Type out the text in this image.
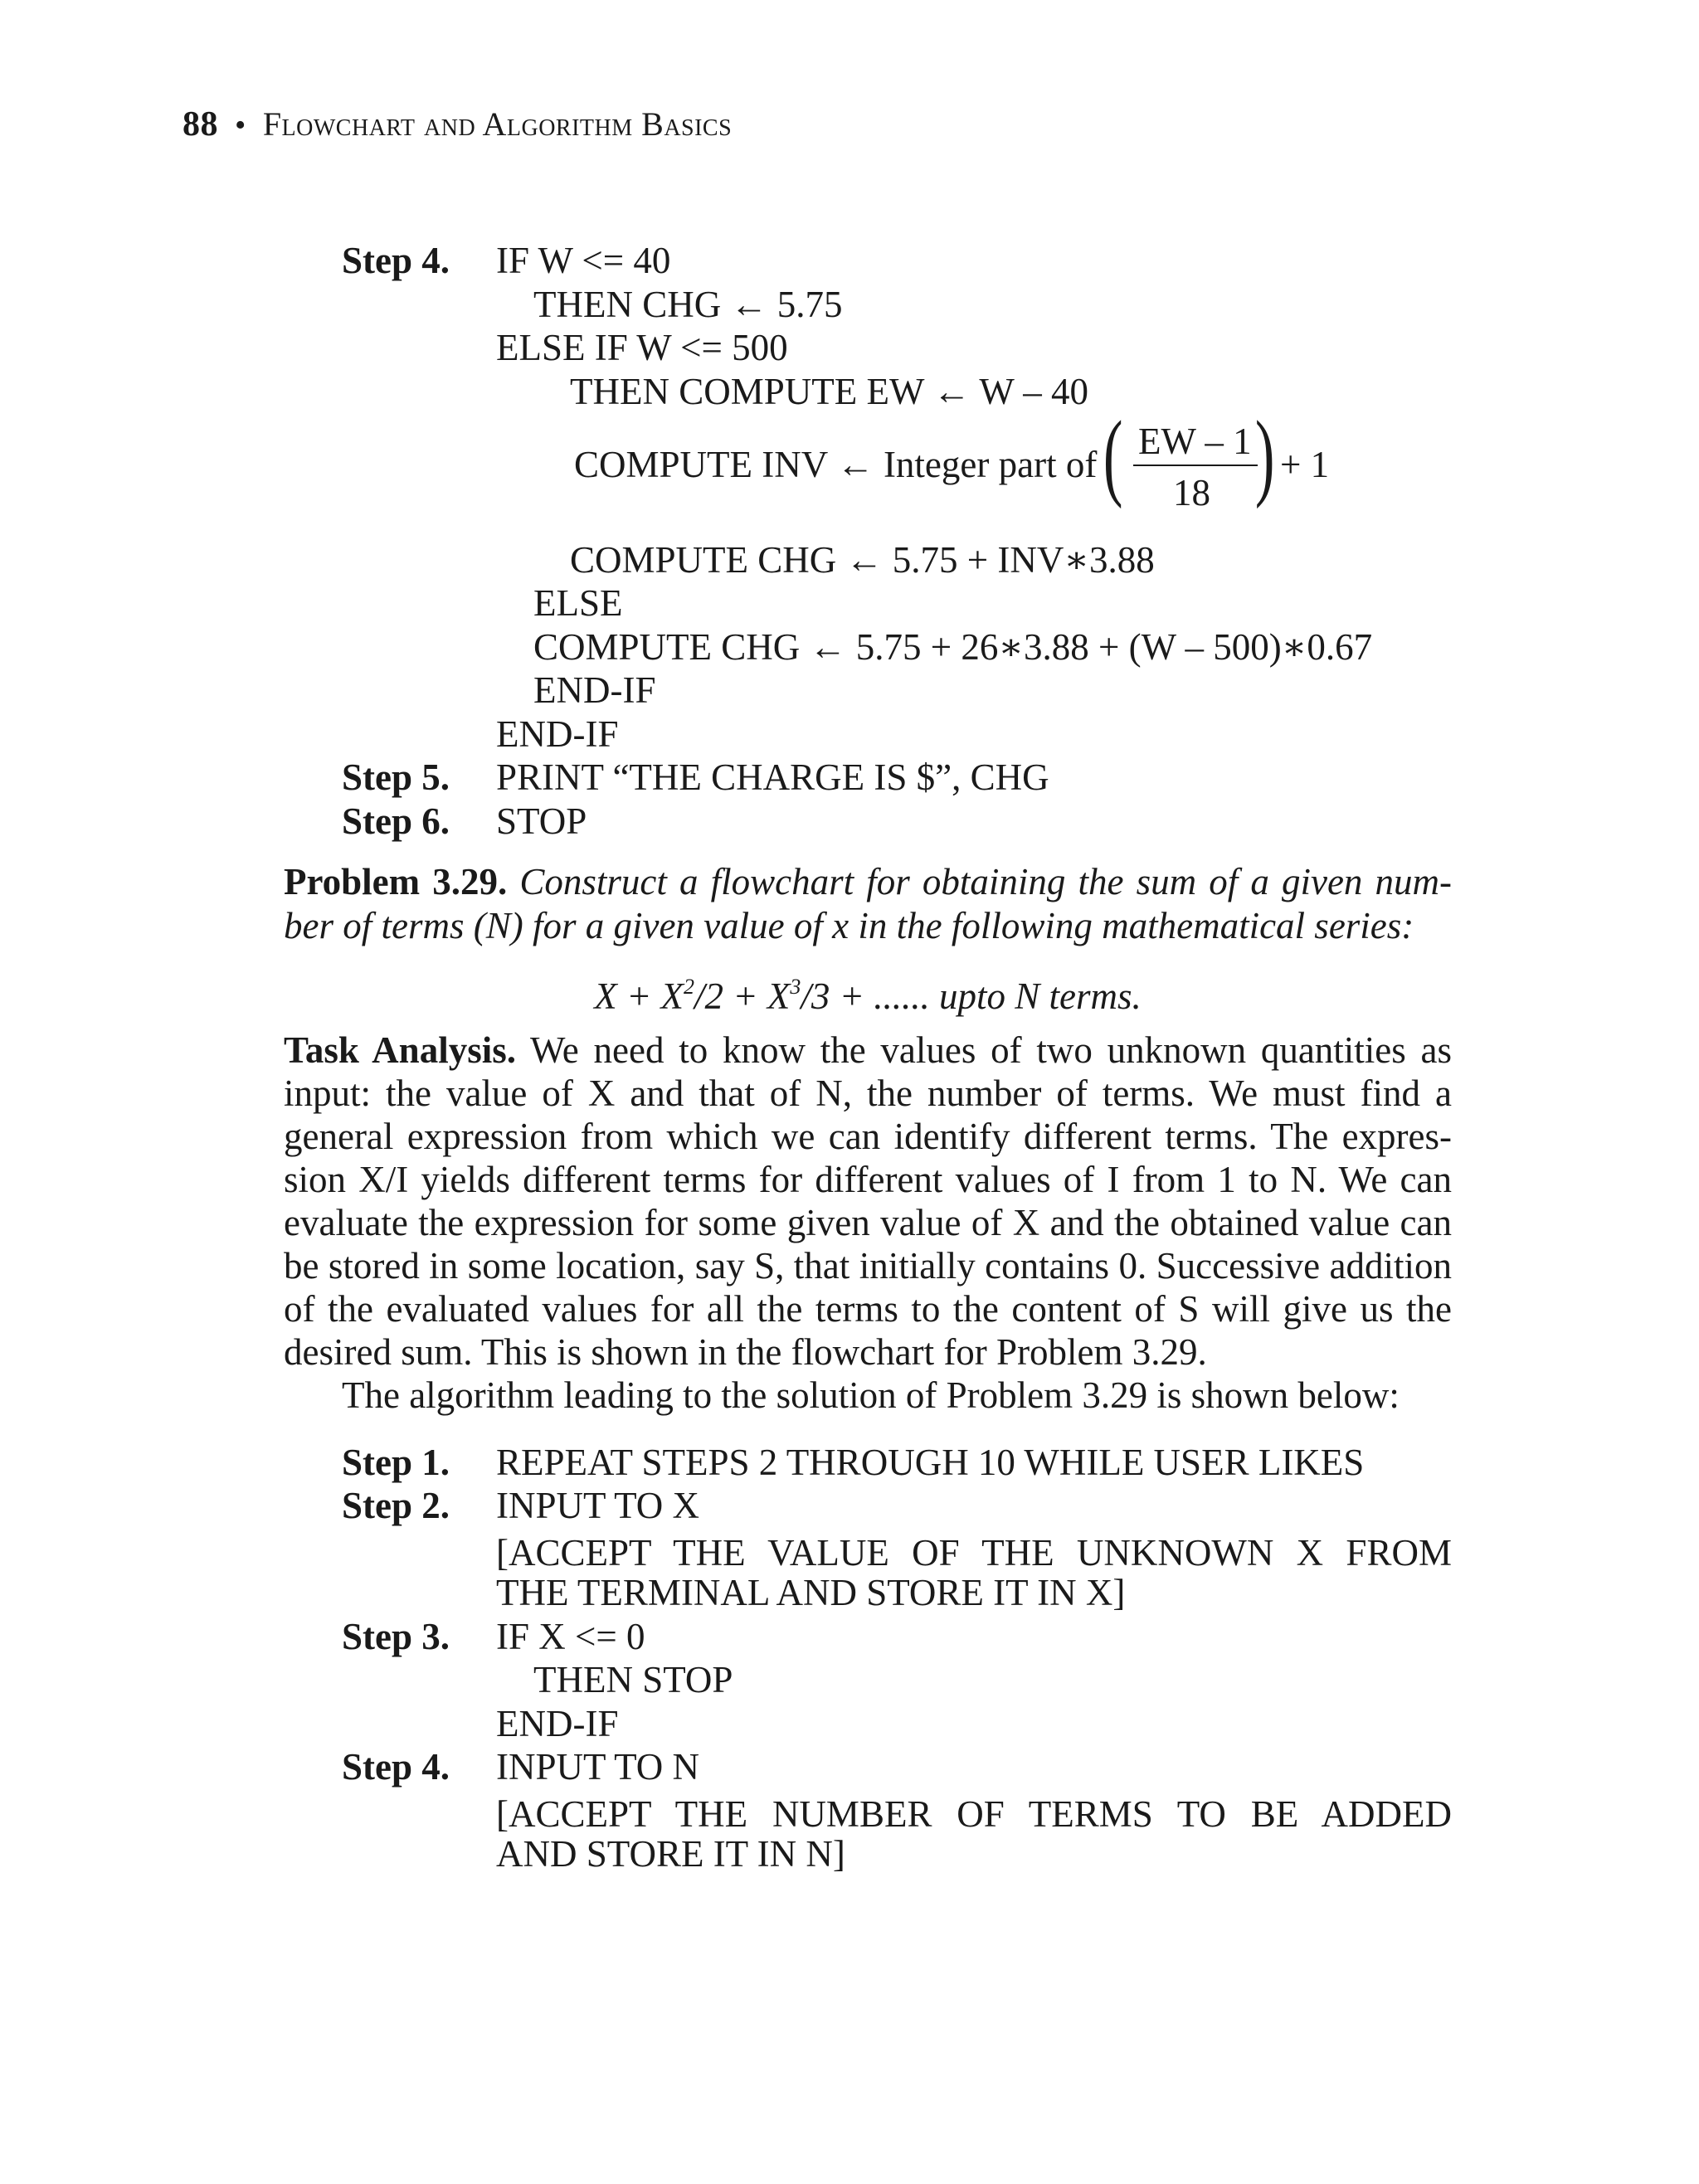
88 • Flowchart and Algorithm Basics
Step 4. IF W <= 40
THEN CHG ← 5.75
ELSE IF W <= 500
THEN COMPUTE EW ← W – 40
COMPUTE INV ← Integer part of ( EW – 1
18 ) + 1
COMPUTE CHG ← 5.75 + INV∗3.88
ELSE
COMPUTE CHG ← 5.75 + 26∗3.88 + (W – 500)∗0.67
END-IF
END-IF
Step 5. PRINT “THE CHARGE IS $”, CHG
Step 6. STOP
Problem 3.29. Construct a flowchart for obtaining the sum of a given num-
ber of terms (N) for a given value of x in the following mathematical series:
$X + X^2/2 + X^3/3$ + ...... upto N terms.
Task Analysis. We need to know the values of two unknown quantities as
input: the value of X and that of N, the number of terms. We must find a
general expression from which we can identify different terms. The expres-
sion X/I yields different terms for different values of I from 1 to N. We can
evaluate the expression for some given value of X and the obtained value can
be stored in some location, say S, that initially contains 0. Successive addition
of the evaluated values for all the terms to the content of S will give us the
desired sum. This is shown in the flowchart for Problem 3.29.
The algorithm leading to the solution of Problem 3.29 is shown below:
Step 1. REPEAT STEPS 2 THROUGH 10 WHILE USER LIKES
Step 2. INPUT TO X
[ACCEPT THE VALUE OF THE UNKNOWN X FROM
THE TERMINAL AND STORE IT IN X]
Step 3. IF X <= 0
THEN STOP
END-IF
Step 4. INPUT TO N
[ACCEPT THE NUMBER OF TERMS TO BE ADDED
AND STORE IT IN N]
